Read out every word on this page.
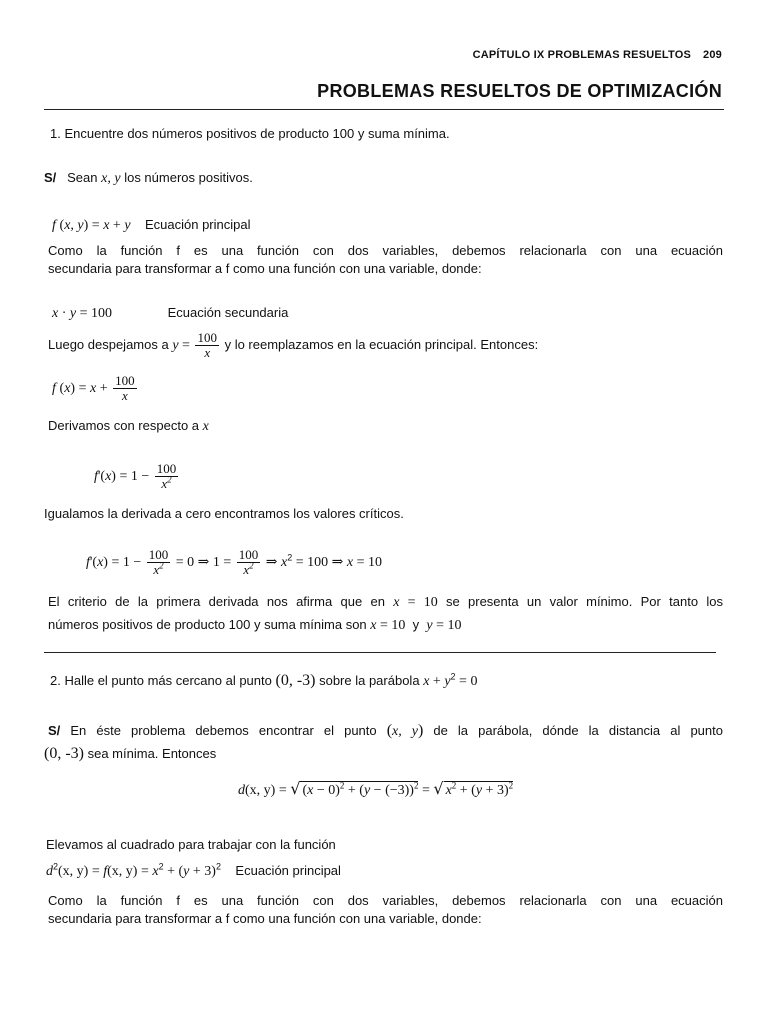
CAPÍTULO IX PROBLEMAS RESUELTOS 209
PROBLEMAS RESUELTOS DE OPTIMIZACIÓN
1. Encuentre dos números positivos de producto 100 y suma mínima.
S/ Sean x, y los números positivos.
f (x, y) = x + y Ecuación principal
Como la función f es una función con dos variables, debemos relacionarla con una ecuación
secundaria para transformar a f como una función con una variable, donde:
x · y = 100	Ecuación secundaria
Luego despejamos a $y = \frac{100}{x}$ y lo reemplazamos en la ecuación principal. Entonces:
f $(x) = x + \frac{100}{x}$
Derivamos con respecto a x
$f'(x) = 1 - \frac{100}{x^2}$
Igualamos la derivada a cero encontramos los valores críticos.
$f'(x) = 1 - \frac{100}{x^2} = 0$ ⇒ $1 = \frac{100}{x^2}$ ⇒ $x^2 = 100$ ⇒ x = 10
El criterio de la primera derivada nos afirma que en x = 10 se presenta un valor mínimo. Por tanto los
números positivos de producto 100 y suma mínima son x = 10 y y = 10
2. Halle el punto más cercano al punto (0, -3) sobre la parábola $x + y^2 = 0$
S/ En éste problema debemos encontrar el punto (x, y) de la parábola, dónde la distancia al punto
(0, -3) sea mínima. Entonces
d(x, y) = √ $(x - 0)^2 + (y - (-3))^2$ = √ $x^2 + (y + 3)^2$
Elevamos al cuadrado para trabajar con la función
$d^2(x$, y) = f(x, $y) = x^2 + (y + 3)^2$ Ecuación principal
Como la función f es una función con dos variables, debemos relacionarla con una ecuación
secundaria para transformar a f como una función con una variable, donde:
